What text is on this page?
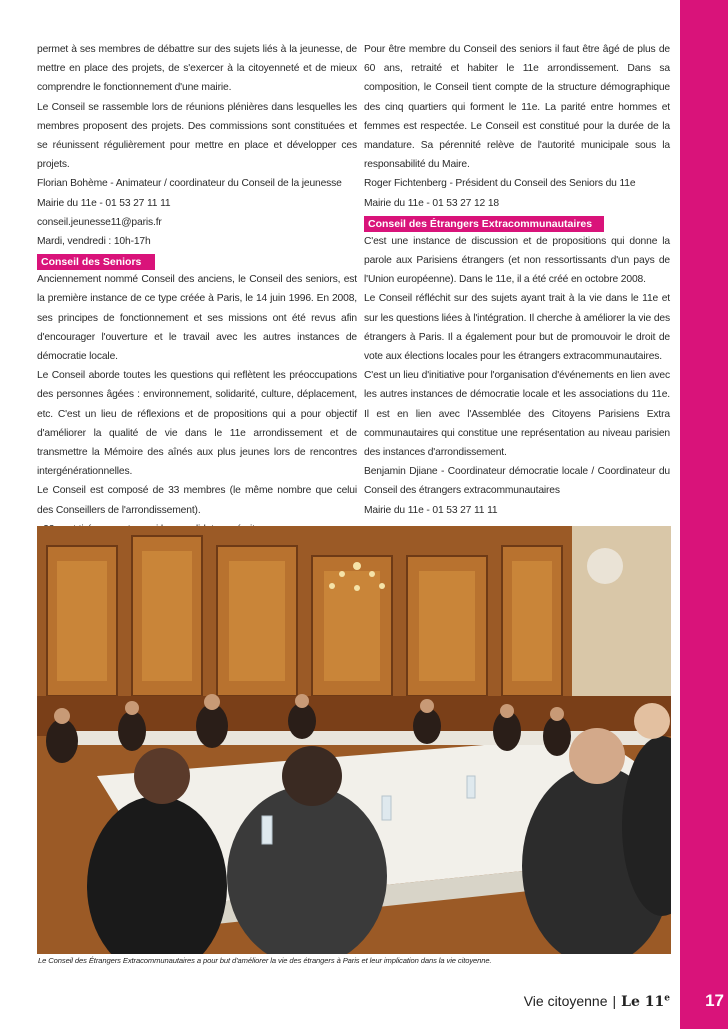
permet à ses membres de débattre sur des sujets liés à la jeunesse, de mettre en place des projets, de s'exercer à la citoyenneté et de mieux comprendre le fonctionnement d'une mairie.

Le Conseil se rassemble lors de réunions plénières dans lesquelles les membres proposent des projets. Des commissions sont constituées et se réunissent régulièrement pour mettre en place et développer ces projets.

Florian Bohème - Animateur / coordinateur du Conseil de la jeunesse

Mairie du 11e - 01 53 27 11 11

conseil.jeunesse11@paris.fr

Mardi, vendredi : 10h-17h

Conseil des Seniors

Anciennement nommé Conseil des anciens, le Conseil des seniors, est la première instance de ce type créée à Paris, le 14 juin 1996. En 2008, ses principes de fonctionnement et ses missions ont été revus afin d'encourager l'ouverture et le travail avec les autres instances de démocratie locale.

Le Conseil aborde toutes les questions qui reflètent les préoccupations des personnes âgées : environnement, solidarité, culture, déplacement, etc. C'est un lieu de réflexions et de propositions qui a pour objectif d'améliorer la qualité de vie dans le 11e arrondissement et de transmettre la Mémoire des aînés aux plus jeunes lors de rencontres intergénérationnelles.

Le Conseil est composé de 33 membres (le même nombre que celui des Conseillers de l'arrondissement).

Pour être membre du Conseil des seniors il faut être âgé de plus de 60 ans, retraité et habiter le 11e arrondissement. Dans sa composition, le Conseil tient compte de la structure démographique des cinq quartiers qui forment le 11e. La parité entre hommes et femmes est respectée. Le Conseil est constitué pour la durée de la mandature. Sa pérennité relève de l'autorité municipale sous la responsabilité du Maire.

Roger Fichtenberg - Président du Conseil des Seniors du 11e

Mairie du 11e - 01 53 27 12 18

Conseil des Étrangers Extracommunautaires

C'est une instance de discussion et de propositions qui donne la parole aux Parisiens étrangers (et non ressortissants d'un pays de l'Union européenne). Dans le 11e, il a été créé en octobre 2008.

Le Conseil réfléchit sur des sujets ayant trait à la vie dans le 11e et sur les questions liées à l'intégration. Il cherche à améliorer la vie des étrangers à Paris. Il a également pour but de promouvoir le droit de vote aux élections locales pour les étrangers extracommunautaires.

C'est un lieu d'initiative pour l'organisation d'événements en lien avec les autres instances de démocratie locale et les associations du 11e. Il est en lien avec l'Assemblée des Citoyens Parisiens Extra communautaires qui constitue une représentation au niveau parisien des instances d'arrondissement.

Benjamin Djiane - Coordinateur démocratie locale / Coordinateur du Conseil des étrangers extracommunautaires

Mairie du 11e - 01 53 27 11 11

Le Conseil des Étrangers Extracommunautaires a pour but d'améliorer la vie des étrangers à Paris et leur implication dans la vie citoyenne.
Vie citoyenne | Le 11e 17
